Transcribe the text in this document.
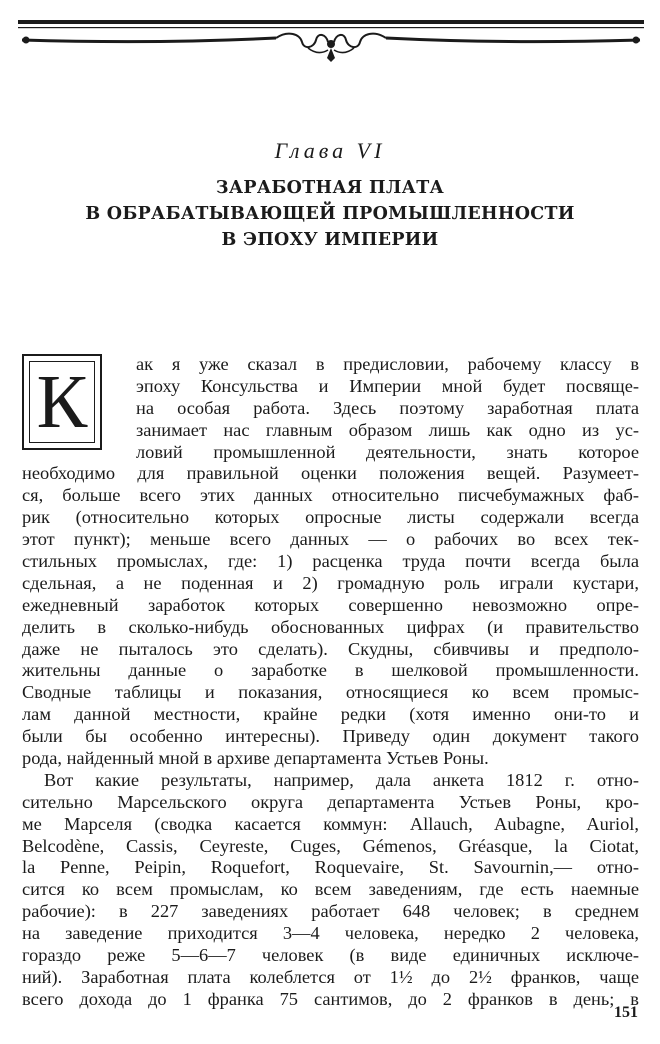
Глава VI
ЗАРАБОТНАЯ ПЛАТА
В ОБРАБАТЫВАЮЩЕЙ ПРОМЫШЛЕННОСТИ
В ЭПОХУ ИМПЕРИИ
К	ак я уже сказал в предисловии, рабочему классу в
эпоху Консульства и Империи мной будет посвяще-
на особая работа. Здесь поэтому заработная плата
занимает нас главным образом лишь как одно из ус-
ловий промышленной деятельности, знать которое
необходимо для правильной оценки положения вещей. Разумеет-
ся, больше всего этих данных относительно писчебумажных фаб-
рик (относительно которых опросные листы содержали всегда
этот пункт); меньше всего данных — о рабочих во всех тек-
стильных промыслах, где: 1) расценка труда почти всегда была
сдельная, а не поденная и 2) громадную роль играли кустари,
ежедневный заработок которых совершенно невозможно опре-
делить в сколько-нибудь обоснованных цифрах (и правительство
даже не пыталось это сделать). Скудны, сбивчивы и предполо-
жительны данные о заработке в шелковой промышленности.
Сводные таблицы и показания, относящиеся ко всем промыс-
лам данной местности, крайне редки (хотя именно они-то и
были бы особенно интересны). Приведу один документ такого
рода, найденный мной в архиве департамента Устьев Роны.
Вот какие результаты, например, дала анкета 1812 г. отно-
сительно Марсельского округа департамента Устьев Роны, кро-
ме Марселя (сводка касается коммун: Allauch, Aubagne, Auriol,
Belcodène, Cassis, Ceyreste, Cuges, Gémenos, Gréasque, la Ciotat,
la Penne, Peipin, Roquefort, Roquevaire, St. Savournin,— отно-
сится ко всем промыслам, ко всем заведениям, где есть наемные
рабочие): в 227 заведениях работает 648 человек; в среднем
на заведение приходится 3—4 человека, нередко 2 человека,
гораздо реже 5—6—7 человек (в виде единичных исключе-
ний). Заработная плата колеблется от 1½ до 2½ франков, чаще
всего дохода до 1 франка 75 сантимов, до 2 франков в день; в
151
